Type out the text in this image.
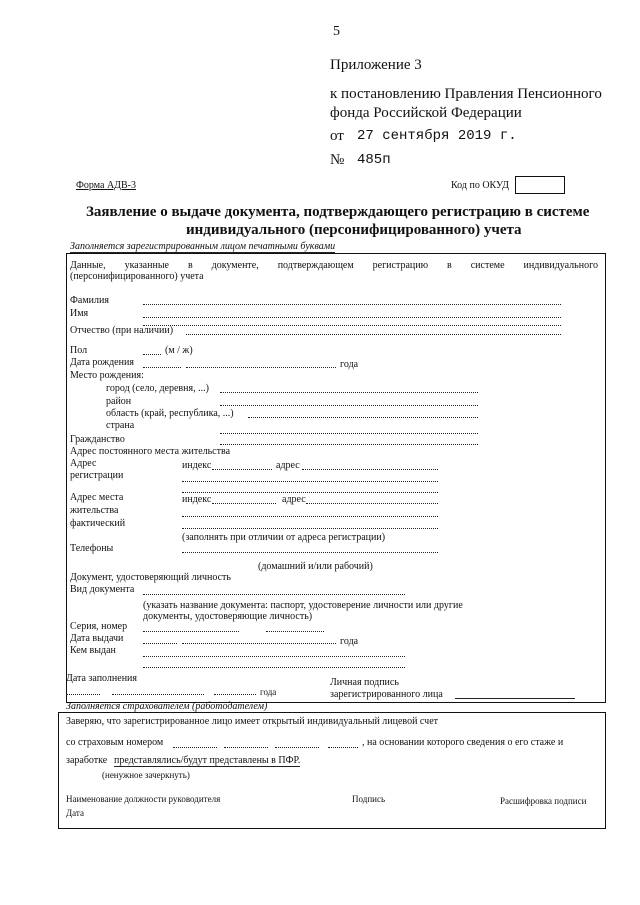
5
Приложение 3
к постановлению Правления Пенсионного
фонда Российской Федерации
от 27 сентября 2019 г.
№ 485п
Форма АДВ-3	Код по ОКУД
Заявление о выдаче документа, подтверждающего регистрацию в системе
индивидуального (персонифицированного) учета
Заполняется зарегистрированным лицом печатными буквами
Данные, указанные в документе, подтверждающем регистрацию в системе индивидуального
(персонифицированного) учета
Фамилия
Имя
Отчество (при наличии)
Пол	(м / ж)
Дата рождения	года
Место рождения:
город (село, деревня, ...)
район
область (край, республика, ...)
страна
Гражданство
Адрес постоянного места жительства
Адрес
регистрации
индекс	адрес
Адрес места
жительства
фактический
индекс	адрес
(заполнять при отличии от адреса регистрации)
Телефоны
(домашний и/или рабочий)
Документ, удостоверяющий личность
Вид документа
(указать название документа: паспорт, удостоверение личности или другие
документы, удостоверяющие личность)
Серия, номер
Дата выдачи	года
Кем выдан
Дата заполнения
года
Личная подпись
зарегистрированного лица
Заполняется страхователем (работодателем)
Заверяю, что зарегистрированное лицо имеет открытый индивидуальный лицевой счет
со страховым номером	, на основании которого сведения о его стаже и
заработке представлялись/будут представлены в ПФР.
(ненужное зачеркнуть)
Наименование должности руководителя	Подпись	Расшифровка подписи
Дата
